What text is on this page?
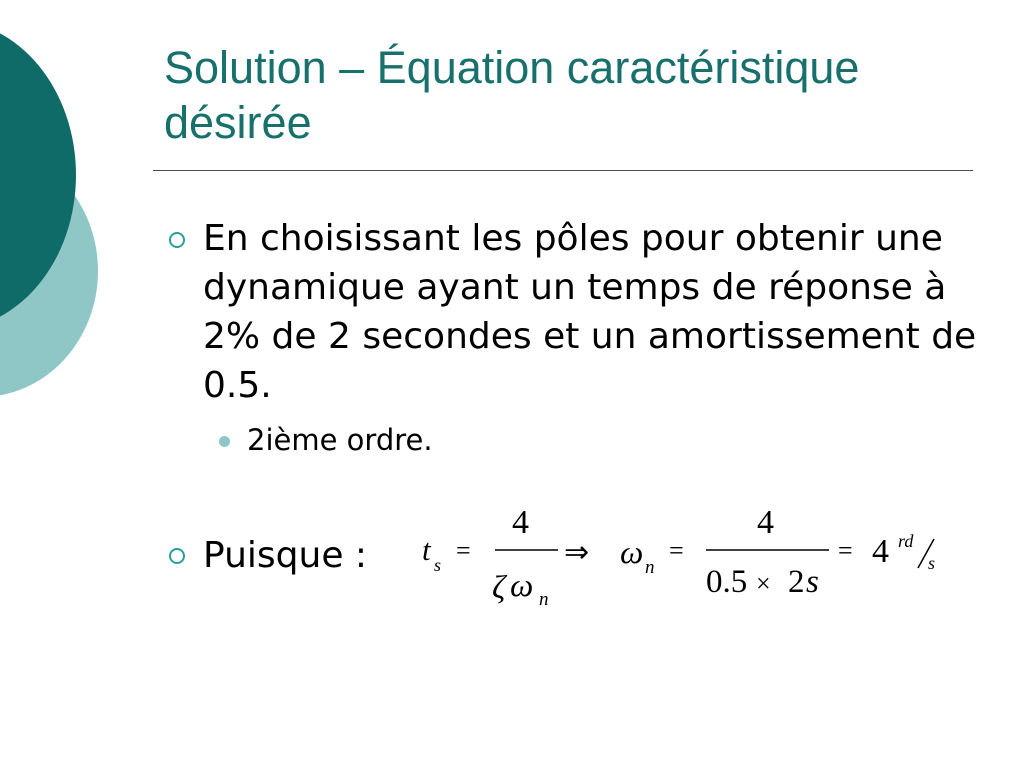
Solution – Équation caractéristique désirée

En choisissant les pôles pour obtenir une dynamique ayant un temps de réponse à 2% de 2 secondes et un amortissement de 0.5.

2ième ordre.

Puisque : t s =
4
ζ ω n
⇒ ω n
=
4
0.5 × 2 s
= 4 rd
s
